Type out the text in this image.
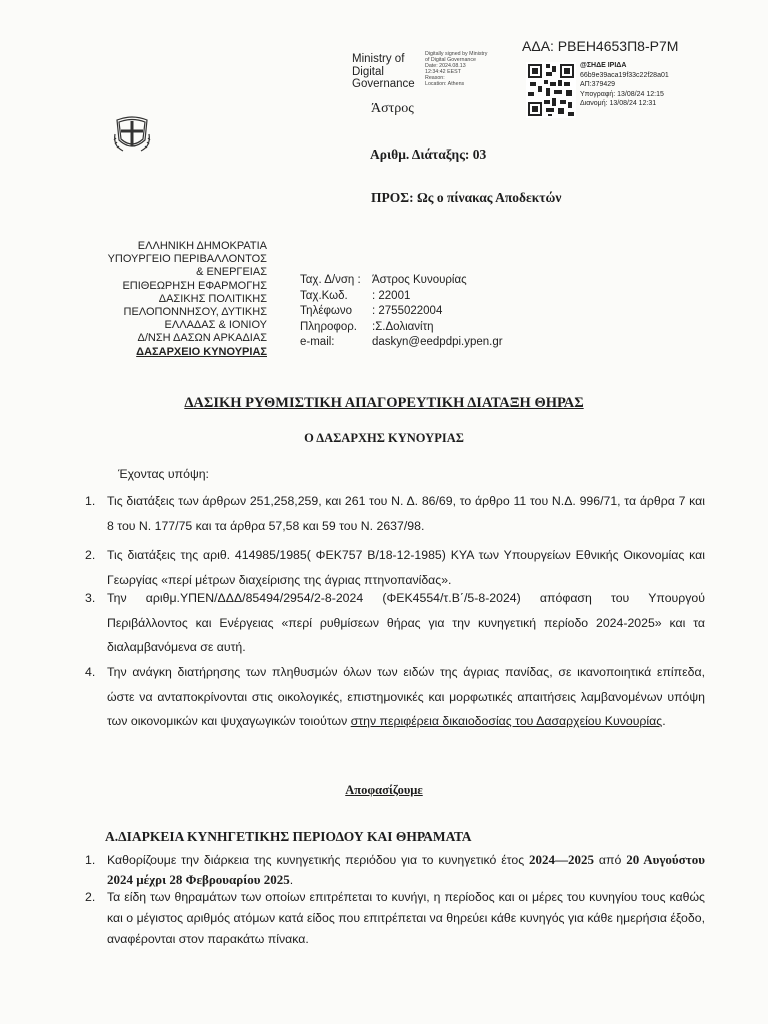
ΑΔΑ: ΡΒΕΗ4653Π8-Ρ7Μ
Ministry of
Digital
Governance
Digitally signed by Ministry
of Digital Governance
Date: 2024.08.13
12:34:42 EEST
Reason:
Location: Athens
@ΣΗΔΕ ΙΡΙΔΑ
66b9e39aca19f33c22f28a01
ΑΠ:379429
Υπογραφή: 13/08/24 12:15
Διανομή: 13/08/24 12:31
Άστρος
Αριθμ. Διάταξης: 03
ΠΡΟΣ: Ως ο πίνακας Αποδεκτών
ΕΛΛΗΝΙΚΗ ΔΗΜΟΚΡΑΤΙΑ
ΥΠΟΥΡΓΕΙΟ ΠΕΡΙΒΑΛΛΟΝΤΟΣ
& ΕΝΕΡΓΕΙΑΣ
ΕΠΙΘΕΩΡΗΣΗ ΕΦΑΡΜΟΓΗΣ
ΔΑΣΙΚΗΣ ΠΟΛΙΤΙΚΗΣ
ΠΕΛΟΠΟΝΝΗΣΟΥ, ΔΥΤΙΚΗΣ
ΕΛΛΑΔΑΣ & ΙΟΝΙΟΥ
Δ/ΝΣΗ ΔΑΣΩΝ ΑΡΚΑΔΙΑΣ
ΔΑΣΑΡΧΕΙΟ ΚΥΝΟΥΡΙΑΣ
Ταχ. Δ/νση : Άστρος Κυνουρίας
Ταχ.Κωδ. : 22001
Τηλέφωνο : 2755022004
Πληροφορ. :Σ.Δολιανίτη
e-mail:	daskyn@eedpdpi.ypen.gr
ΔΑΣΙΚΗ ΡΥΘΜΙΣΤΙΚΗ ΑΠΑΓΟΡΕΥΤΙΚΗ ΔΙΑΤΑΞΗ ΘΗΡΑΣ
Ο ΔΑΣΑΡΧΗΣ ΚΥΝΟΥΡΙΑΣ
Έχοντας υπόψη:
1. Τις διατάξεις των άρθρων 251,258,259, και 261 του Ν. Δ. 86/69, το άρθρο 11 του Ν.Δ. 996/71, τα άρθρα 7 και 8 του Ν. 177/75 και τα άρθρα 57,58 και 59 του Ν. 2637/98.
2. Τις διατάξεις της αριθ. 414985/1985( ΦΕΚ757 Β/18-12-1985) ΚΥΑ των Υπουργείων Εθνικής Οικονομίας και Γεωργίας «περί μέτρων διαχείρισης της άγριας πτηνοπανίδας».
3. Την αριθμ.ΥΠΕΝ/ΔΔΔ/85494/2954/2-8-2024 (ΦΕΚ4554/τ.Β΄/5-8-2024) απόφαση του Υπουργού Περιβάλλοντος και Ενέργειας «περί ρυθμίσεων θήρας για την κυνηγετική περίοδο 2024-2025» και τα διαλαμβανόμενα σε αυτή.
4. Την ανάγκη διατήρησης των πληθυσμών όλων των ειδών της άγριας πανίδας, σε ικανοποιητικά επίπεδα, ώστε να ανταποκρίνονται στις οικολογικές, επιστημονικές και μορφωτικές απαιτήσεις λαμβανομένων υπόψη των οικονομικών και ψυχαγωγικών τοιούτων στην περιφέρεια δικαιοδοσίας του Δασαρχείου Κυνουρίας.
Αποφασίζουμε
Α.ΔΙΑΡΚΕΙΑ ΚΥΝΗΓΕΤΙΚΗΣ ΠΕΡΙΟΔΟΥ ΚΑΙ ΘΗΡΑΜΑΤΑ
1. Καθορίζουμε την διάρκεια της κυνηγετικής περιόδου για το κυνηγετικό έτος 2024—2025 από 20 Αυγούστου 2024 μέχρι 28 Φεβρουαρίου 2025.
2. Τα είδη των θηραμάτων των οποίων επιτρέπεται το κυνήγι, η περίοδος και οι μέρες του κυνηγίου τους καθώς και ο μέγιστος αριθμός ατόμων κατά είδος που επιτρέπεται να θηρεύει κάθε κυνηγός για κάθε ημερήσια έξοδο, αναφέρονται στον παρακάτω πίνακα.
